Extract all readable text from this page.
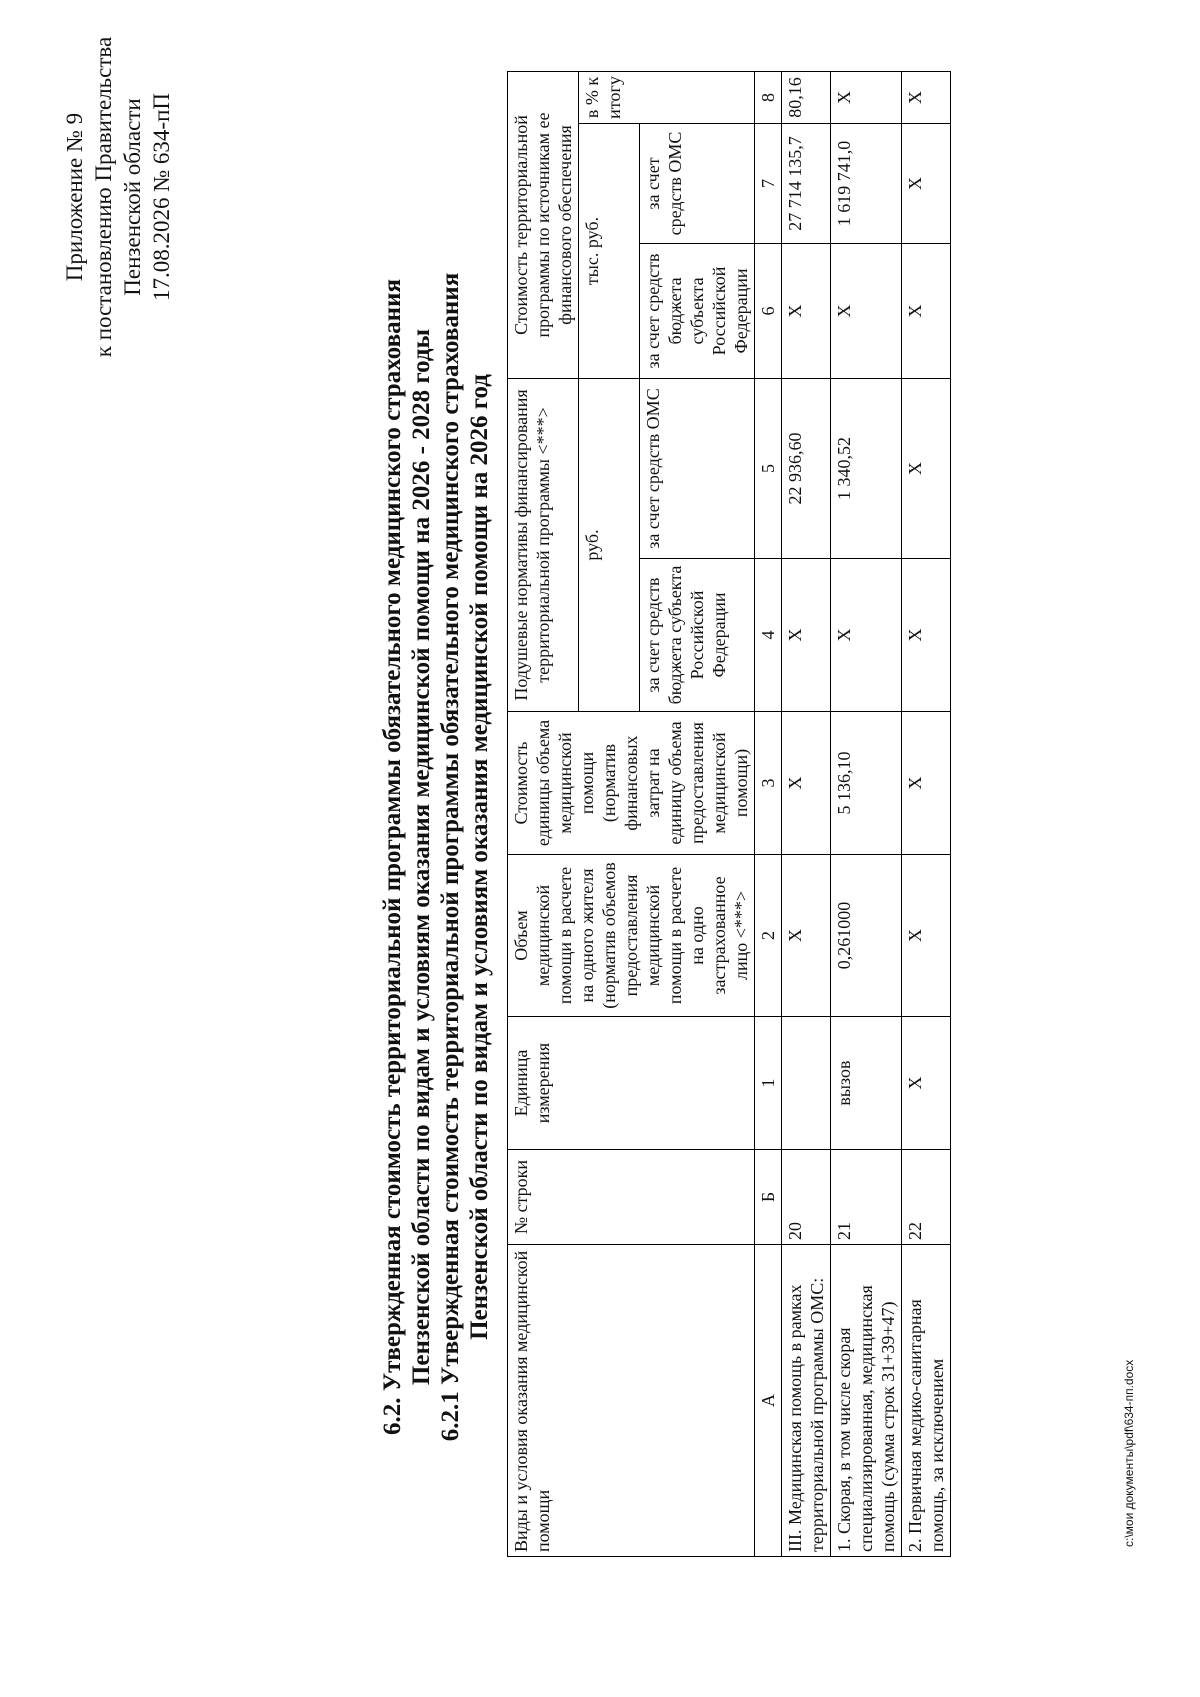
Приложение № 9 к постановлению Правительства Пензенской области 17.08.2026 № 634-пП
6.2. Утвержденная стоимость территориальной программы обязательного медицинского страхования Пензенской области по видам и условиям оказания медицинской помощи на 2026 - 2028 годы 6.2.1 Утвержденная стоимость территориальной программы обязательного медицинского страхования Пензенской области по видам и условиям оказания медицинской помощи на 2026 год
Виды и условия оказания медицинской помощи	№ строки	Единица измерения	Объем медицинской помощи в расчете на одного жителя (норматив объемов предоставления медицинской помощи в расчете на одно застрахованное лицо <***>	Стоимость единицы объема медицинской помощи (норматив финансовых затрат на единицу объема предоставления медицинской помощи)	Подушевые нормативы финансирования территориальной программы <***>		Стоимость территориальной программы по источникам ее финансового обеспечения		
					руб.		тыс. руб.		в % к итогу
					за счет средств бюджета субъекта Российской Федерации	за счет средств ОМС	за счет средств бюджета субъекта Российской Федерации	за счет средств ОМС	
А	Б	1	2	3	4	5	6	7	8
III. Медицинская помощь в рамках территориальной программы ОМС:	20		X	X	X	22 936,60	X	27 714 135,7	80,16
1. Скорая, в том числе скорая специализированная, медицинская помощь (сумма строк 31+39+47)	21	вызов	0,261000	5 136,10	X	1 340,52	X	1 619 741,0	X
2. Первичная медико-санитарная помощь, за исключением	22	X	X	X	X	X	X	X	X
c:\мои документы\pdf\634-пп.docx
